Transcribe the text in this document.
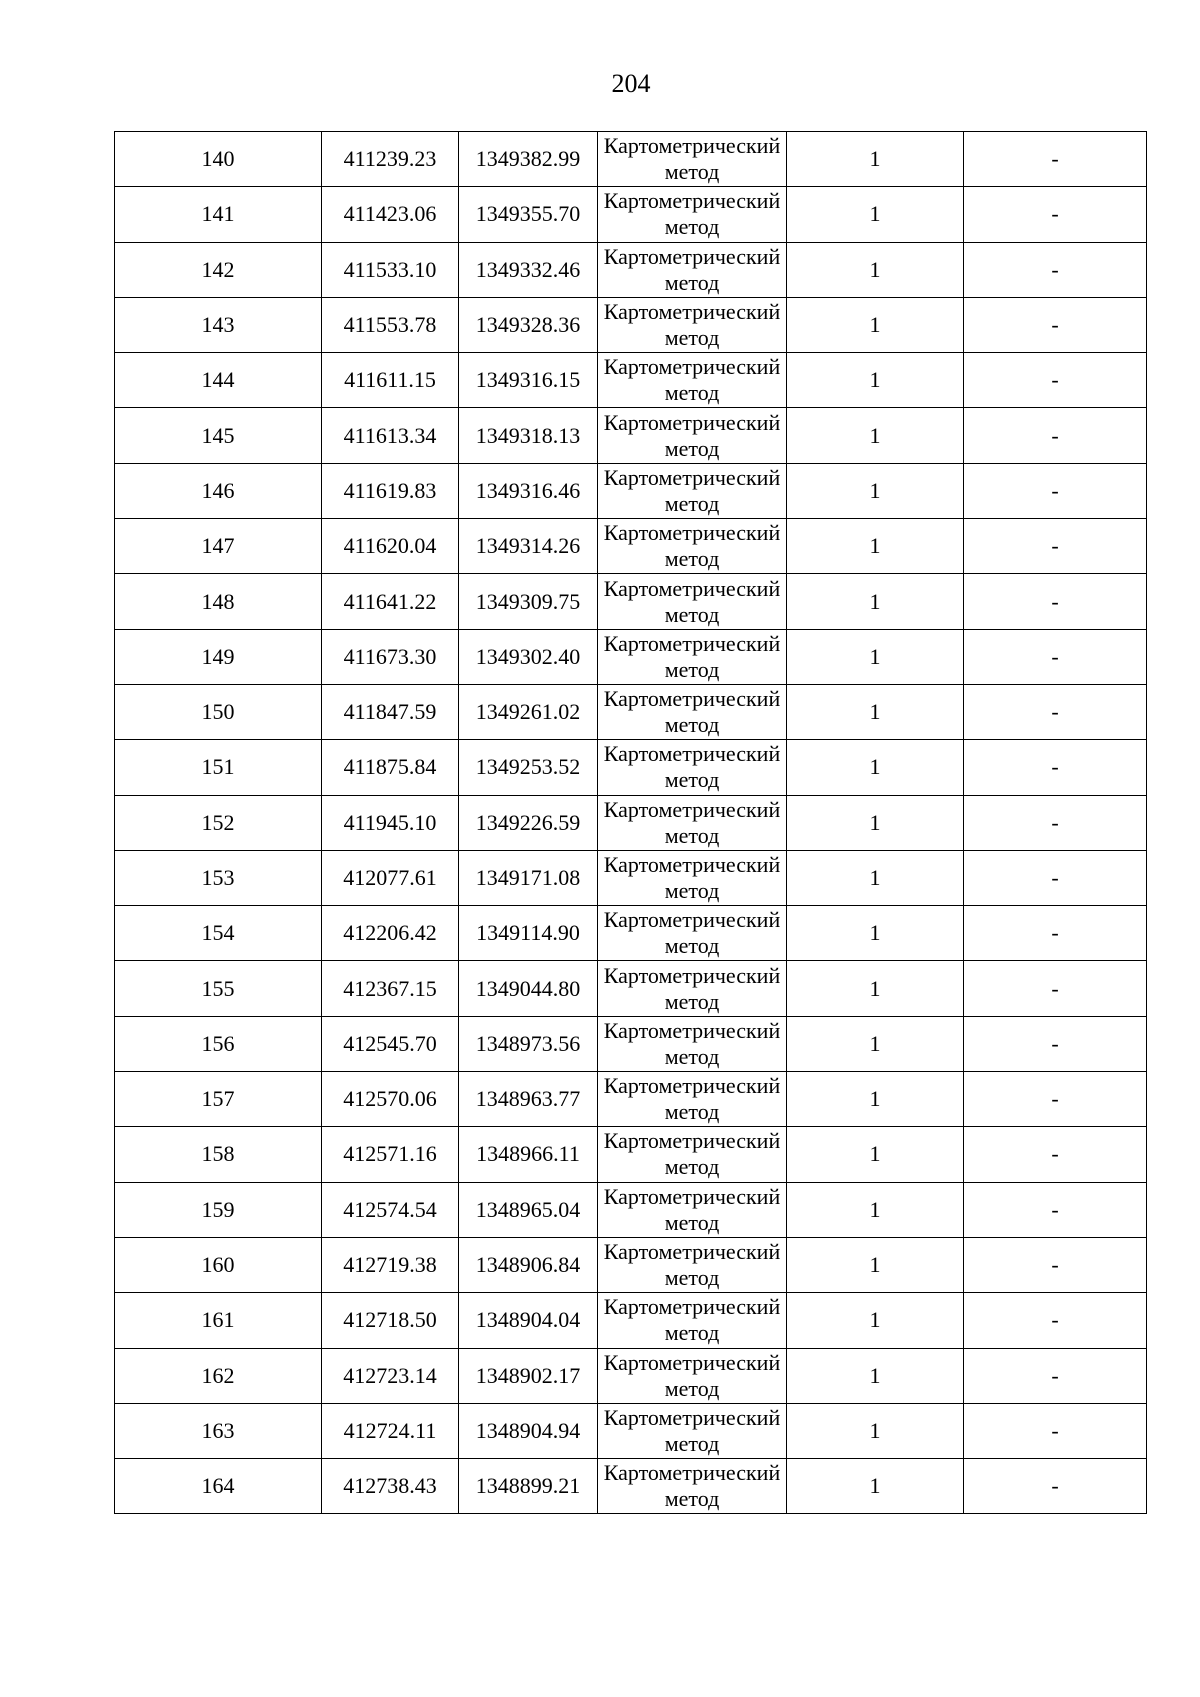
204
140	411239.23	1349382.99	Картометрический метод	1	-
141	411423.06	1349355.70	Картометрический метод	1	-
142	411533.10	1349332.46	Картометрический метод	1	-
143	411553.78	1349328.36	Картометрический метод	1	-
144	411611.15	1349316.15	Картометрический метод	1	-
145	411613.34	1349318.13	Картометрический метод	1	-
146	411619.83	1349316.46	Картометрический метод	1	-
147	411620.04	1349314.26	Картометрический метод	1	-
148	411641.22	1349309.75	Картометрический метод	1	-
149	411673.30	1349302.40	Картометрический метод	1	-
150	411847.59	1349261.02	Картометрический метод	1	-
151	411875.84	1349253.52	Картометрический метод	1	-
152	411945.10	1349226.59	Картометрический метод	1	-
153	412077.61	1349171.08	Картометрический метод	1	-
154	412206.42	1349114.90	Картометрический метод	1	-
155	412367.15	1349044.80	Картометрический метод	1	-
156	412545.70	1348973.56	Картометрический метод	1	-
157	412570.06	1348963.77	Картометрический метод	1	-
158	412571.16	1348966.11	Картометрический метод	1	-
159	412574.54	1348965.04	Картометрический метод	1	-
160	412719.38	1348906.84	Картометрический метод	1	-
161	412718.50	1348904.04	Картометрический метод	1	-
162	412723.14	1348902.17	Картометрический метод	1	-
163	412724.11	1348904.94	Картометрический метод	1	-
164	412738.43	1348899.21	Картометрический метод	1	-
